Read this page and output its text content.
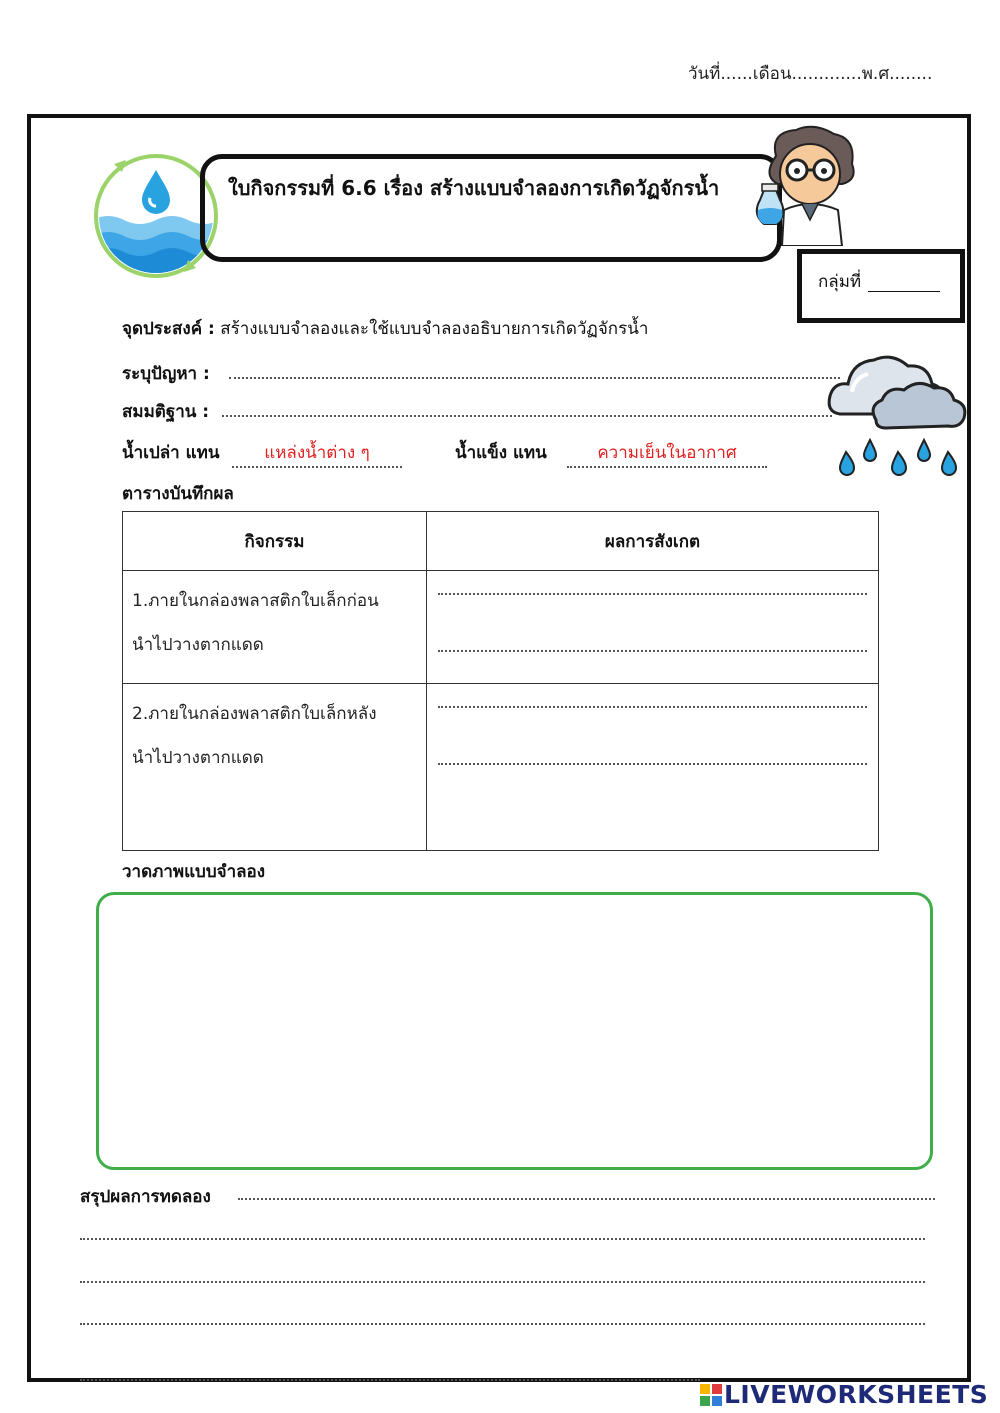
วันที่......เดือน.............พ.ศ........
ใบกิจกรรมที่ 6.6 เรื่อง สร้างแบบจำลองการเกิดวัฏจักรน้ำ
กลุ่มที่
จุดประสงค์ : สร้างแบบจำลองและใช้แบบจำลองอธิบายการเกิดวัฏจักรน้ำ
ระบุปัญหา :
สมมติฐาน :
น้ำเปล่า แทน	แหล่งน้ำต่าง ๆ	น้ำแข็ง แทน	ความเย็นในอากาศ
ตารางบันทึกผล
กิจกรรม	ผลการสังเกต

1.ภายในกล่องพลาสติกใบเล็กก่อน
นำไปวางตากแดด	

2.ภายในกล่องพลาสติกใบเล็กหลัง
นำไปวางตากแดด	

วาดภาพแบบจำลอง
สรุปผลการทดลอง
LIVEWORKSHEETS
